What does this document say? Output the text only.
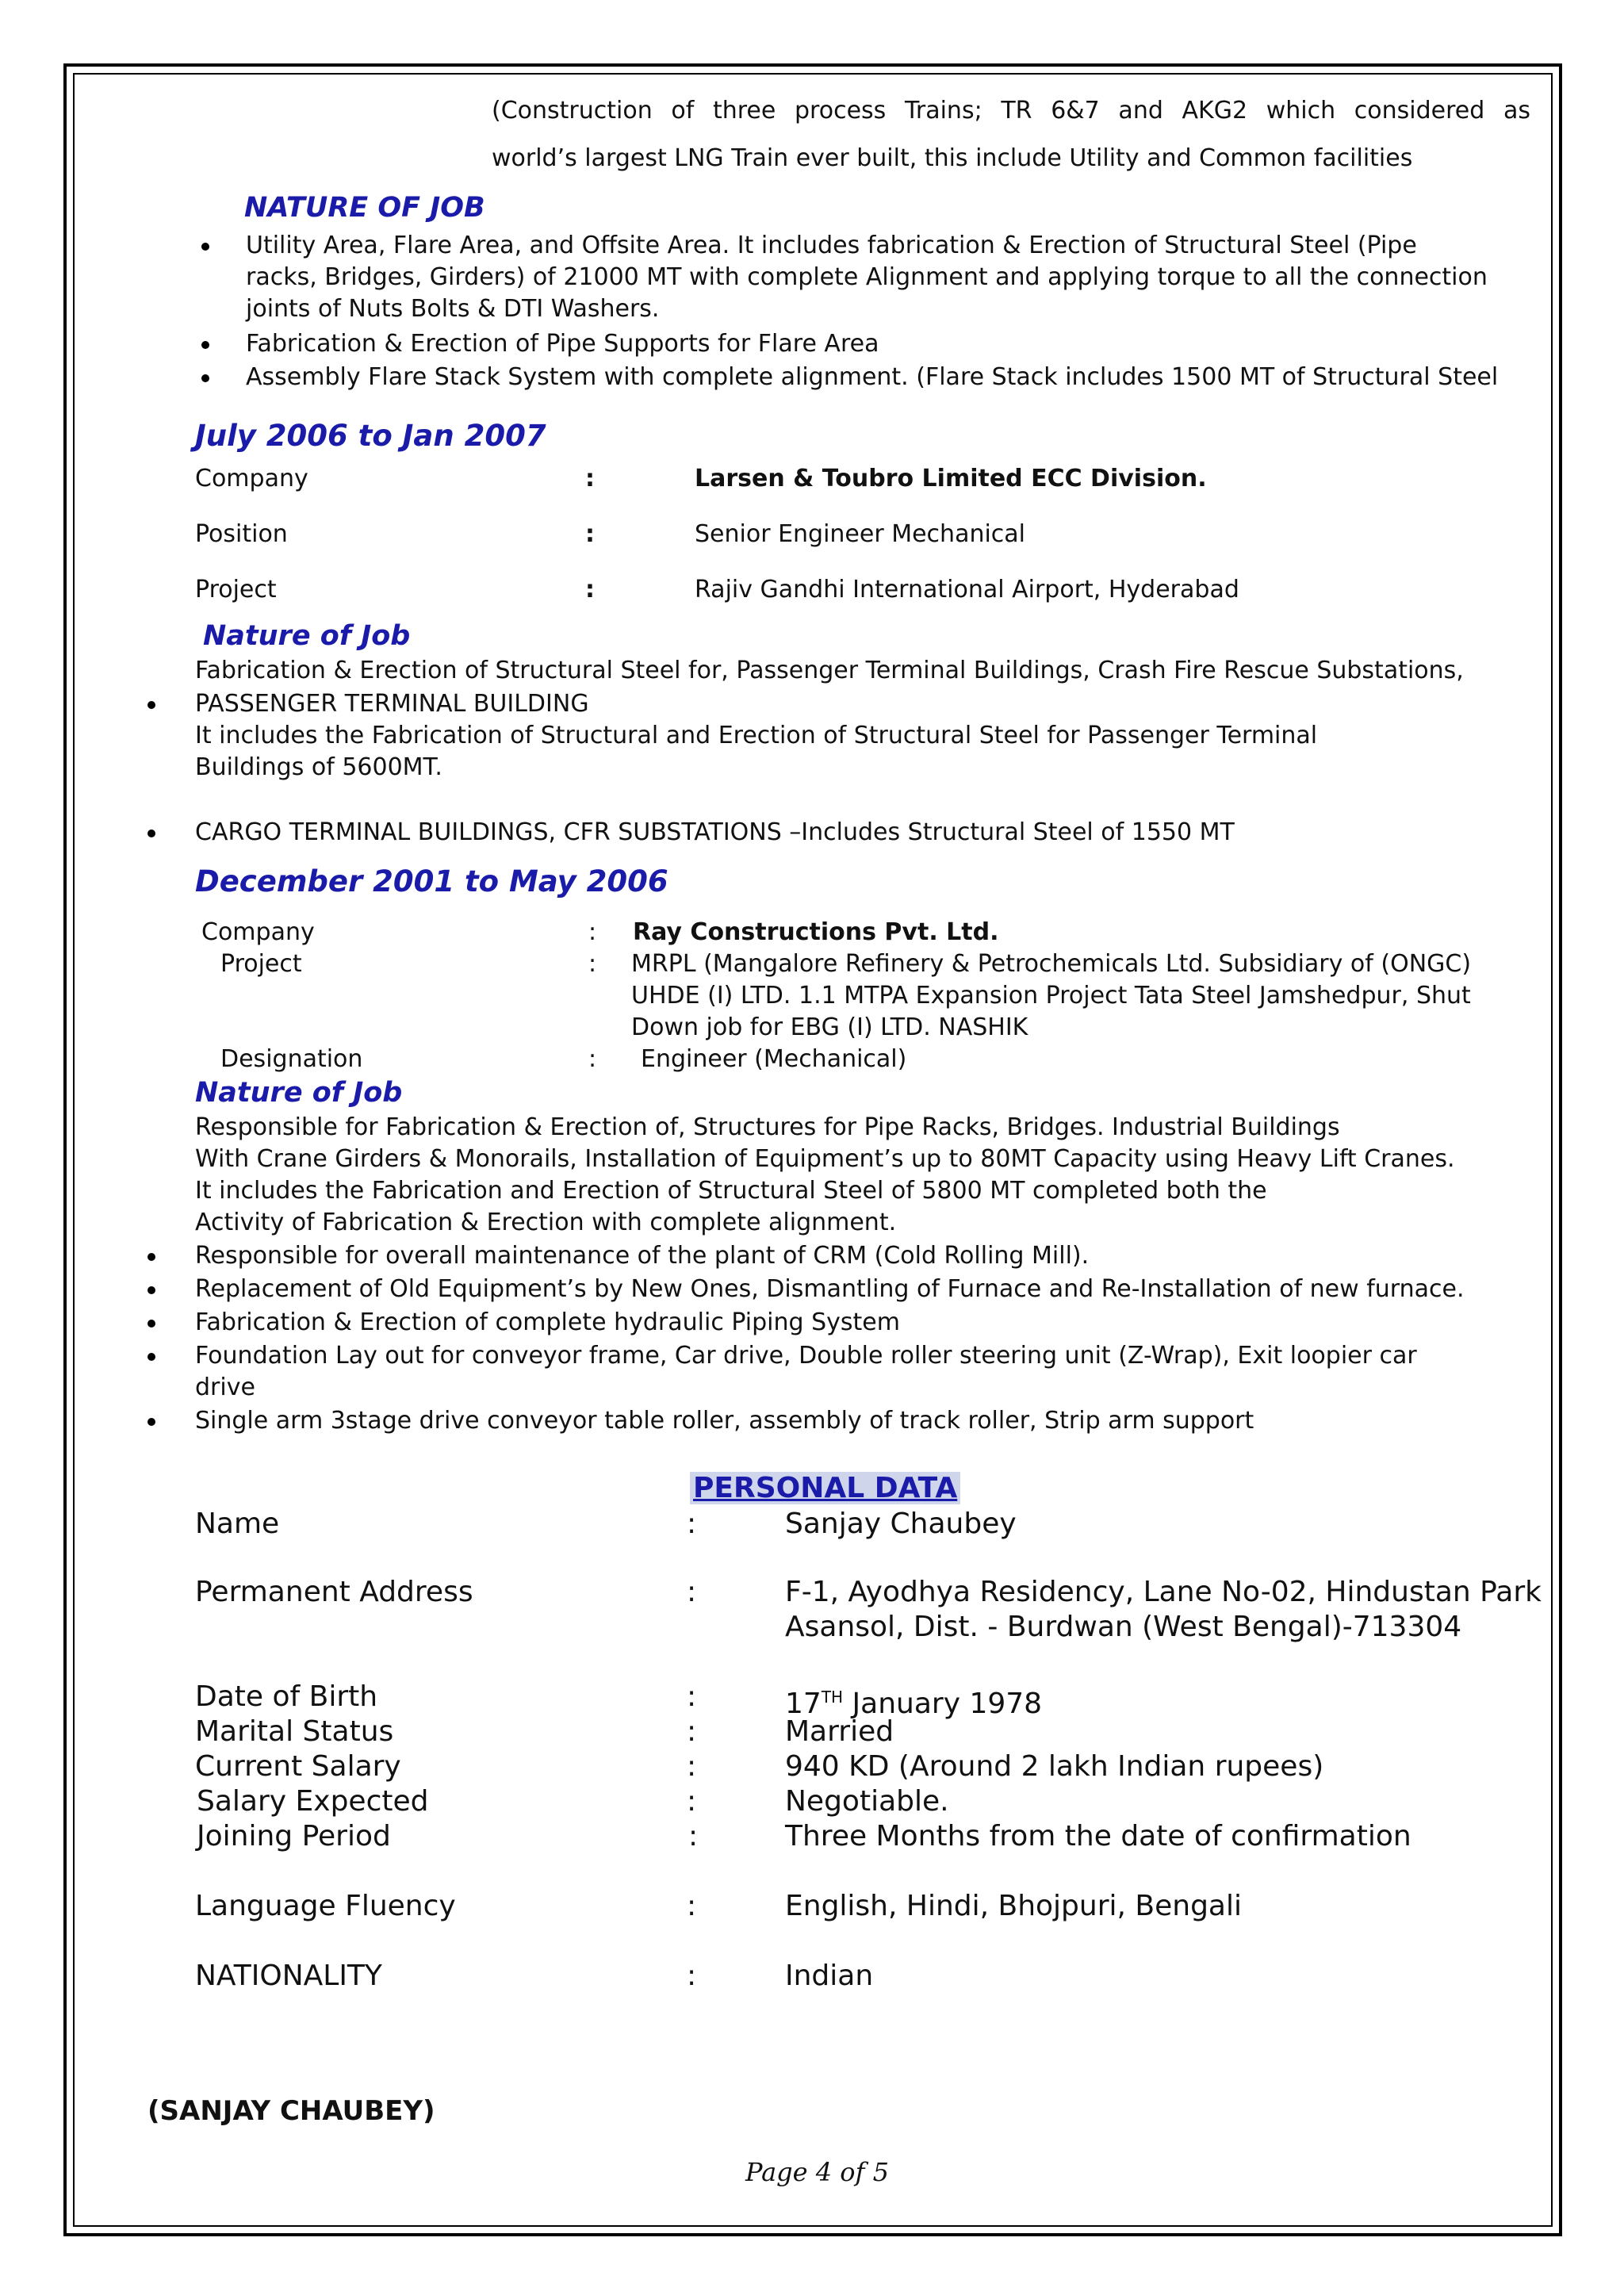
(Construction of three process Trains; TR 6&7 and AKG2 which considered as
world’s largest LNG Train ever built, this include Utility and Common facilities
NATURE OF JOB
Utility Area, Flare Area, and Offsite Area. It includes fabrication & Erection of Structural Steel (Pipe
racks, Bridges, Girders) of 21000 MT with complete Alignment and applying torque to all the connection
joints of Nuts Bolts & DTI Washers.
Fabrication & Erection of Pipe Supports for Flare Area
Assembly Flare Stack System with complete alignment. (Flare Stack includes 1500 MT of Structural Steel
July 2006 to Jan 2007
Company	:	Larsen & Toubro Limited ECC Division.
Position	:	Senior Engineer Mechanical
Project	:	Rajiv Gandhi International Airport, Hyderabad
Nature of Job
Fabrication & Erection of Structural Steel for, Passenger Terminal Buildings, Crash Fire Rescue Substations,
PASSENGER TERMINAL BUILDING
It includes the Fabrication of Structural and Erection of Structural Steel for Passenger Terminal
Buildings of 5600MT.
CARGO TERMINAL BUILDINGS, CFR SUBSTATIONS –Includes Structural Steel of 1550 MT
December 2001 to May 2006
Company	: Ray Constructions Pvt. Ltd.
Project	: MRPL (Mangalore Refinery & Petrochemicals Ltd. Subsidiary of (ONGC)
UHDE (I) LTD. 1.1 MTPA Expansion Project Tata Steel Jamshedpur, Shut
Down job for EBG (I) LTD. NASHIK
Designation	: Engineer (Mechanical)
Nature of Job
Responsible for Fabrication & Erection of, Structures for Pipe Racks, Bridges. Industrial Buildings
With Crane Girders & Monorails, Installation of Equipment’s up to 80MT Capacity using Heavy Lift Cranes.
It includes the Fabrication and Erection of Structural Steel of 5800 MT completed both the
Activity of Fabrication & Erection with complete alignment.
Responsible for overall maintenance of the plant of CRM (Cold Rolling Mill).
Replacement of Old Equipment’s by New Ones, Dismantling of Furnace and Re-Installation of new furnace.
Fabrication & Erection of complete hydraulic Piping System
Foundation Lay out for conveyor frame, Car drive, Double roller steering unit (Z-Wrap), Exit loopier car
drive
Single arm 3stage drive conveyor table roller, assembly of track roller, Strip arm support
PERSONAL DATA
Name	:	Sanjay Chaubey
Permanent Address	:	F-1, Ayodhya Residency, Lane No-02, Hindustan Park
Asansol, Dist. - Burdwan (West Bengal)-713304
Date of Birth	:	17TH January 1978
Marital Status	:	Married
Current Salary	:	940 KD (Around 2 lakh Indian rupees)
Salary Expected	:	Negotiable.
Joining Period	:	Three Months from the date of confirmation
Language Fluency	:	English, Hindi, Bhojpuri, Bengali
NATIONALITY	:	Indian
(SANJAY CHAUBEY)
Page 4 of 5
